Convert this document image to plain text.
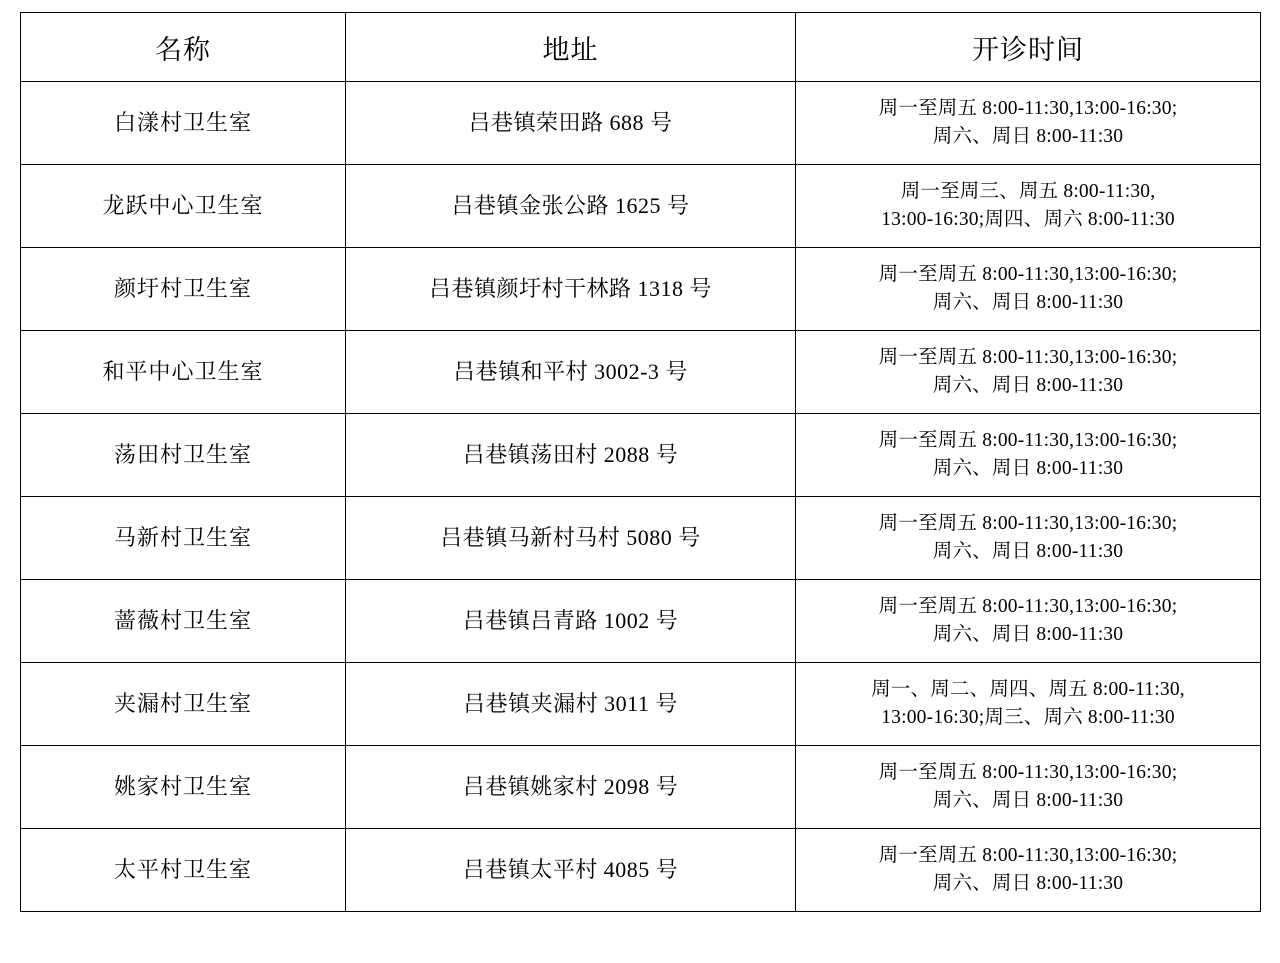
名称	地址	开诊时间
白漾村卫生室	吕巷镇荣田路 688 号	周一至周五 8:00-11:30,13:00-16:30;
周六、周日 8:00-11:30

龙跃中心卫生室	吕巷镇金张公路 1625 号	周一至周三、周五 8:00-11:30,
13:00-16:30;周四、周六 8:00-11:30

颜圩村卫生室	吕巷镇颜圩村干林路 1318 号	周一至周五 8:00-11:30,13:00-16:30;
周六、周日 8:00-11:30

和平中心卫生室	吕巷镇和平村 3002-3 号	周一至周五 8:00-11:30,13:00-16:30;
周六、周日 8:00-11:30

荡田村卫生室	吕巷镇荡田村 2088 号	周一至周五 8:00-11:30,13:00-16:30;
周六、周日 8:00-11:30

马新村卫生室	吕巷镇马新村马村 5080 号	周一至周五 8:00-11:30,13:00-16:30;
周六、周日 8:00-11:30

蔷薇村卫生室	吕巷镇吕青路 1002 号	周一至周五 8:00-11:30,13:00-16:30;
周六、周日 8:00-11:30

夹漏村卫生室	吕巷镇夹漏村 3011 号	周一、周二、周四、周五 8:00-11:30,
13:00-16:30;周三、周六 8:00-11:30

姚家村卫生室	吕巷镇姚家村 2098 号	周一至周五 8:00-11:30,13:00-16:30;
周六、周日 8:00-11:30

太平村卫生室	吕巷镇太平村 4085 号	周一至周五 8:00-11:30,13:00-16:30;
周六、周日 8:00-11:30
